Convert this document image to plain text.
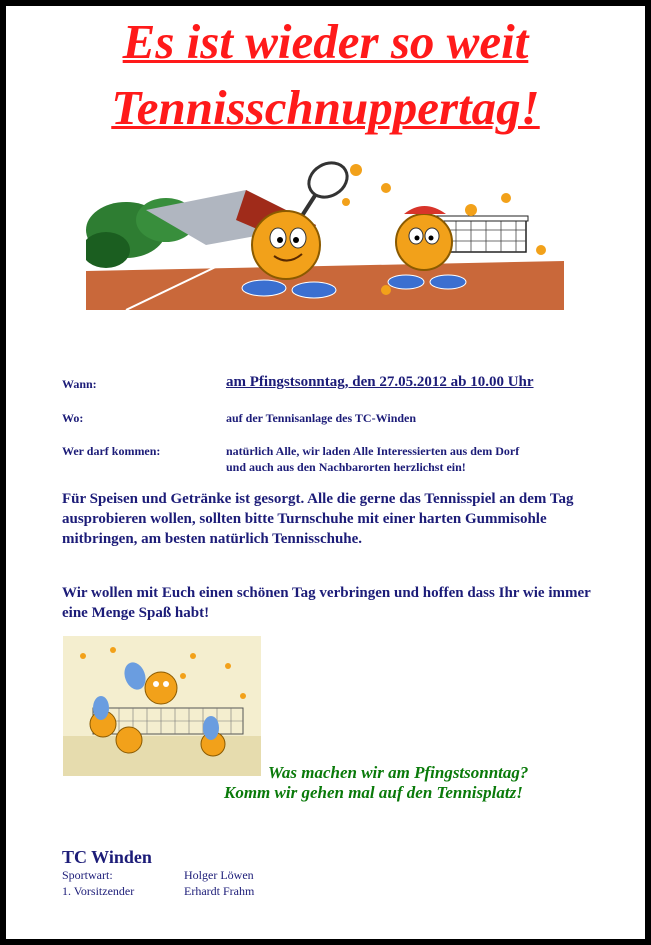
Es ist wieder so weit
Tennisschnuppertag!
Wann:	am Pfingstsonntag, den 27.05.2012 ab 10.00 Uhr
Wo:	auf der Tennisanlage des TC-Winden
Wer darf kommen:	natürlich Alle, wir laden Alle Interessierten aus dem Dorf
und auch aus den Nachbarorten herzlichst ein!
Für Speisen und Getränke ist gesorgt. Alle die gerne das Tennisspiel an dem Tag ausprobieren wollen, sollten bitte Turnschuhe mit einer harten Gummisohle mitbringen, am besten natürlich Tennisschuhe.
Wir wollen mit Euch einen schönen Tag verbringen und hoffen dass Ihr wie immer eine Menge Spaß habt!
Was machen wir am Pfingstsonntag?
Komm wir gehen mal auf den Tennisplatz!
TC Winden
Sportwart:	Holger Löwen
1. Vorsitzender	Erhardt Frahm
